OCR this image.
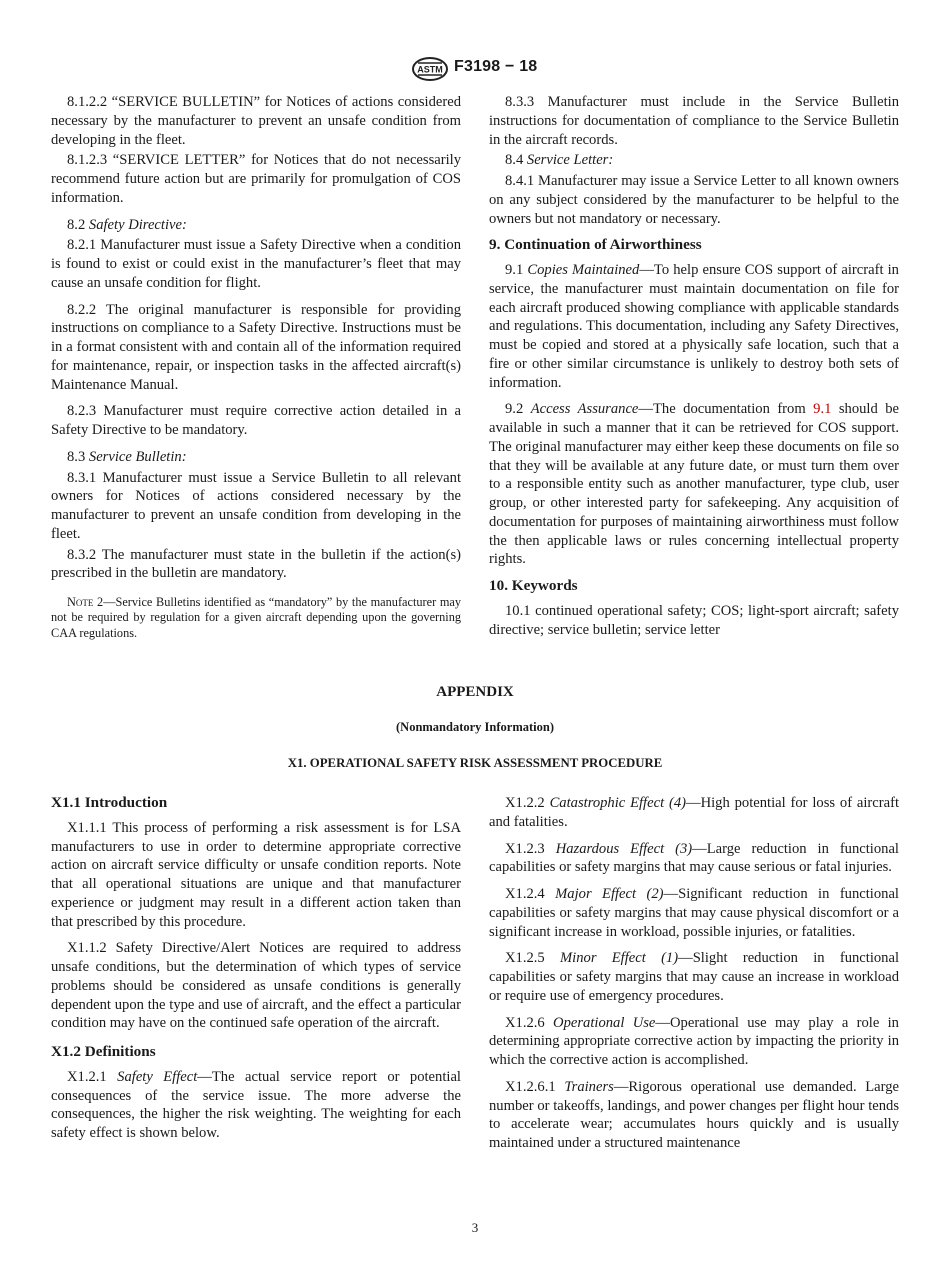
ASTM F3198 − 18

8.1.2.2 “SERVICE BULLETIN” for Notices of actions considered necessary by the manufacturer to prevent an unsafe condition from developing in the fleet.

8.1.2.3 “SERVICE LETTER” for Notices that do not necessarily recommend future action but are primarily for promulgation of COS information.

8.2 Safety Directive:

8.2.1 Manufacturer must issue a Safety Directive when a condition is found to exist or could exist in the manufacturer’s fleet that may cause an unsafe condition for flight.

8.2.2 The original manufacturer is responsible for providing instructions on compliance to a Safety Directive. Instructions must be in a format consistent with and contain all of the information required for maintenance, repair, or inspection tasks in the affected aircraft(s) Maintenance Manual.

8.2.3 Manufacturer must require corrective action detailed in a Safety Directive to be mandatory.

8.3 Service Bulletin:

8.3.1 Manufacturer must issue a Service Bulletin to all relevant owners for Notices of actions considered necessary by the manufacturer to prevent an unsafe condition from developing in the fleet.

8.3.2 The manufacturer must state in the bulletin if the action(s) prescribed in the bulletin are mandatory.

Note 2—Service Bulletins identified as “mandatory” by the manufacturer may not be required by regulation for a given aircraft depending upon the governing CAA regulations.

8.3.3 Manufacturer must include in the Service Bulletin instructions for documentation of compliance to the Service Bulletin in the aircraft records.

8.4 Service Letter:

8.4.1 Manufacturer may issue a Service Letter to all known owners on any subject considered by the manufacturer to be helpful to the owners but not mandatory or necessary.

9. Continuation of Airworthiness

9.1 Copies Maintained—To help ensure COS support of aircraft in service, the manufacturer must maintain documentation on file for each aircraft produced showing compliance with applicable standards and regulations. This documentation, including any Safety Directives, must be copied and stored at a physically safe location, such that a fire or other similar circumstance is unlikely to destroy both sets of information.

9.2 Access Assurance—The documentation from 9.1 should be available in such a manner that it can be retrieved for COS support. The original manufacturer may either keep these documents on file so that they will be available at any future date, or must turn them over to a responsible entity such as another manufacturer, type club, user group, or other interested party for safekeeping. Any acquisition of documentation for purposes of maintaining airworthiness must follow the then applicable laws or rules concerning intellectual property rights.

10. Keywords

10.1 continued operational safety; COS; light-sport aircraft; safety directive; service bulletin; service letter

APPENDIX
(Nonmandatory Information)
X1. OPERATIONAL SAFETY RISK ASSESSMENT PROCEDURE
X1.1 Introduction

X1.1.1 This process of performing a risk assessment is for LSA manufacturers to use in order to determine appropriate corrective action on aircraft service difficulty or unsafe condition reports. Note that all operational situations are unique and that manufacturer experience or judgment may result in a different action taken than that prescribed by this procedure.

X1.1.2 Safety Directive/Alert Notices are required to address unsafe conditions, but the determination of which types of service problems should be considered as unsafe conditions is generally dependent upon the type and use of aircraft, and the effect a particular condition may have on the continued safe operation of the aircraft.

X1.2 Definitions

X1.2.1 Safety Effect—The actual service report or potential consequences of the service issue. The more adverse the consequences, the higher the risk weighting. The weighting for each safety effect is shown below.

X1.2.2 Catastrophic Effect (4)—High potential for loss of aircraft and fatalities.

X1.2.3 Hazardous Effect (3)—Large reduction in functional capabilities or safety margins that may cause serious or fatal injuries.

X1.2.4 Major Effect (2)—Significant reduction in functional capabilities or safety margins that may cause physical discomfort or a significant increase in workload, possible injuries, or fatalities.

X1.2.5 Minor Effect (1)—Slight reduction in functional capabilities or safety margins that may cause an increase in workload or require use of emergency procedures.

X1.2.6 Operational Use—Operational use may play a role in determining appropriate corrective action by impacting the priority in which the corrective action is accomplished.

X1.2.6.1 Trainers—Rigorous operational use demanded. Large number or takeoffs, landings, and power changes per flight hour tends to accelerate wear; accumulates hours quickly and is usually maintained under a structured maintenance

3
